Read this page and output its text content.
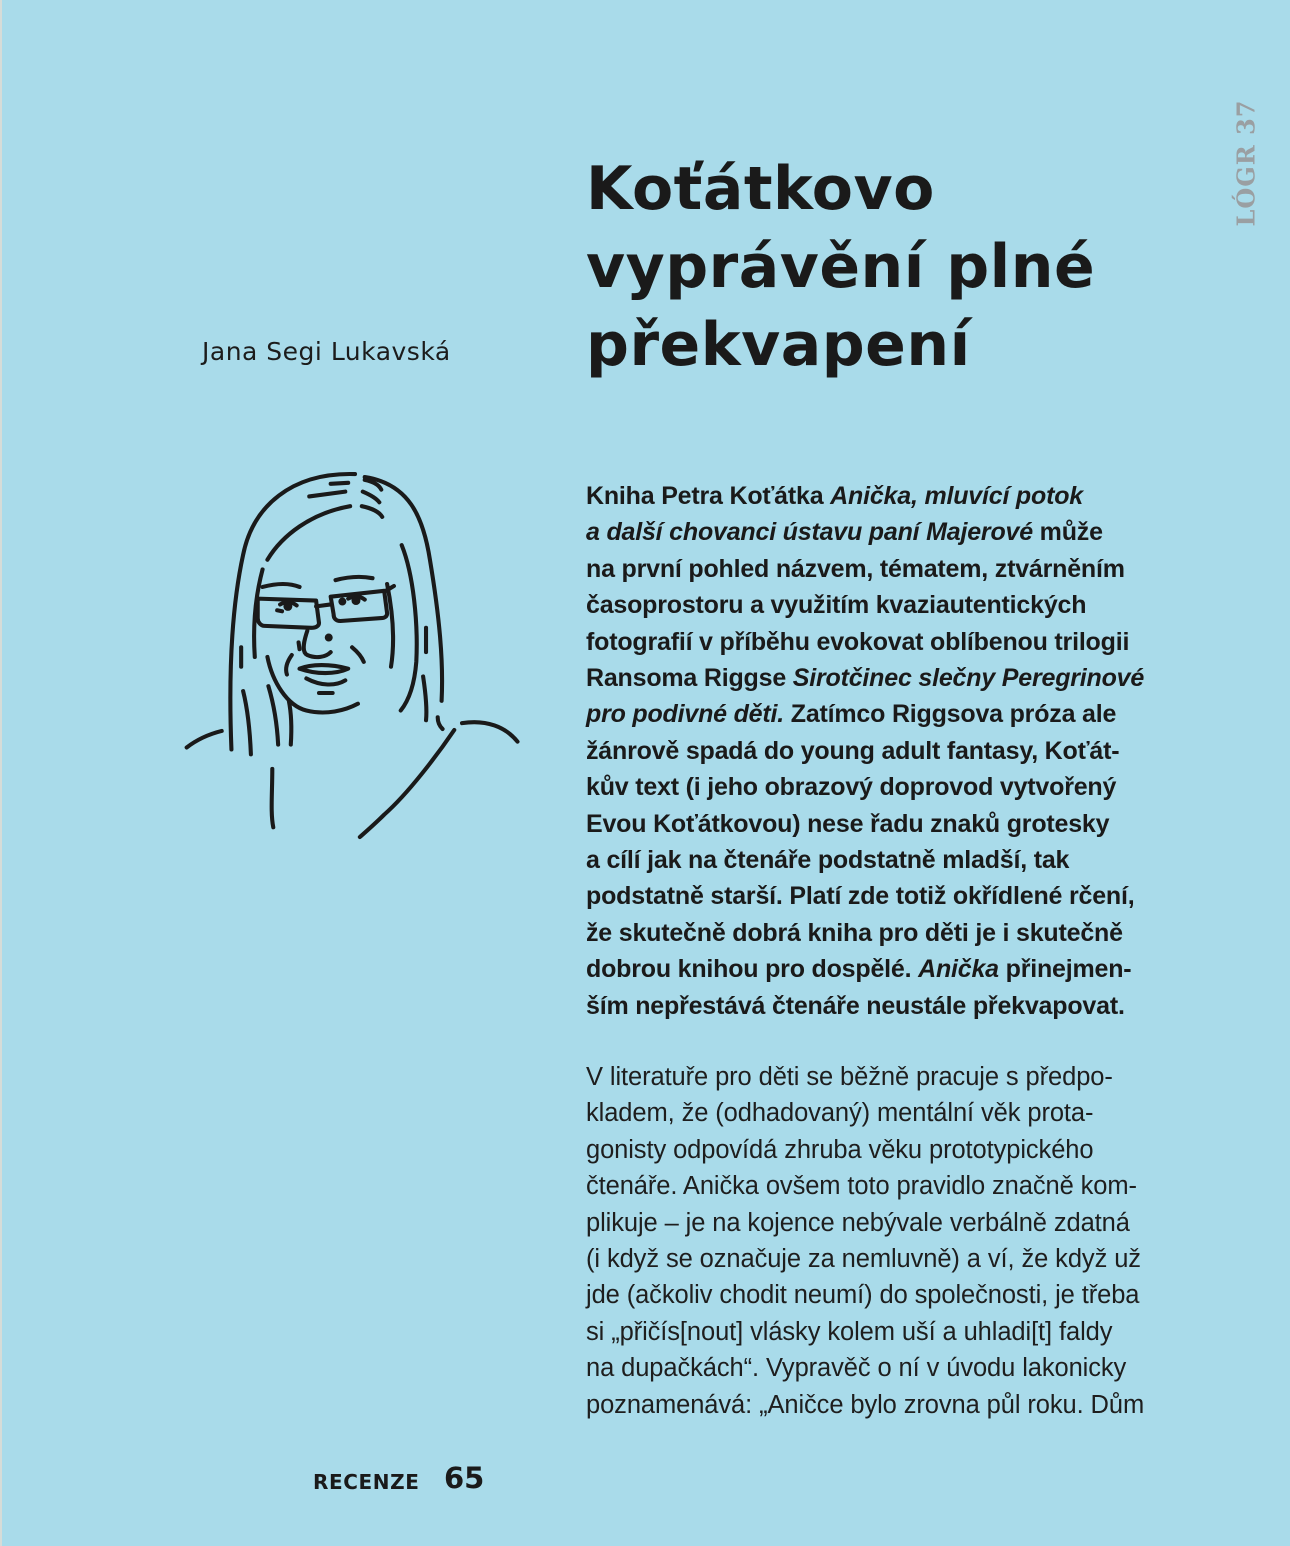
LÓGR 37
Jana Segi Lukavská
Koťátkovo
vyprávění plné
překvapení
Kniha Petra Koťátka Anička, mluvící potok
a další chovanci ústavu paní Majerové může
na první pohled názvem, tématem, ztvárněním
časoprostoru a využitím kvaziautentických
fotografií v příběhu evokovat oblíbenou trilogii
Ransoma Riggse Sirotčinec slečny Peregrinové
pro podivné děti. Zatímco Riggsova próza ale
žánrově spadá do young adult fantasy, Koťát-
kův text (i jeho obrazový doprovod vytvořený
Evou Koťátkovou) nese řadu znaků grotesky
a cílí jak na čtenáře podstatně mladší, tak
podstatně starší. Platí zde totiž okřídlené rčení,
že skutečně dobrá kniha pro děti je i skutečně
dobrou knihou pro dospělé. Anička přinejmen-
ším nepřestává čtenáře neustále překvapovat.
V literatuře pro děti se běžně pracuje s předpo-
kladem, že (odhadovaný) mentální věk prota-
gonisty odpovídá zhruba věku prototypického
čtenáře. Anička ovšem toto pravidlo značně kom-
plikuje – je na kojence nebývale verbálně zdatná
(i když se označuje za nemluvně) a ví, že když už
jde (ačkoliv chodit neumí) do společnosti, je třeba
si „přičís[nout] vlásky kolem uší a uhladi[t] faldy
na dupačkách“. Vypravěč o ní v úvodu lakonicky
poznamenává: „Aničce bylo zrovna půl roku. Dům
RECENZE 65
